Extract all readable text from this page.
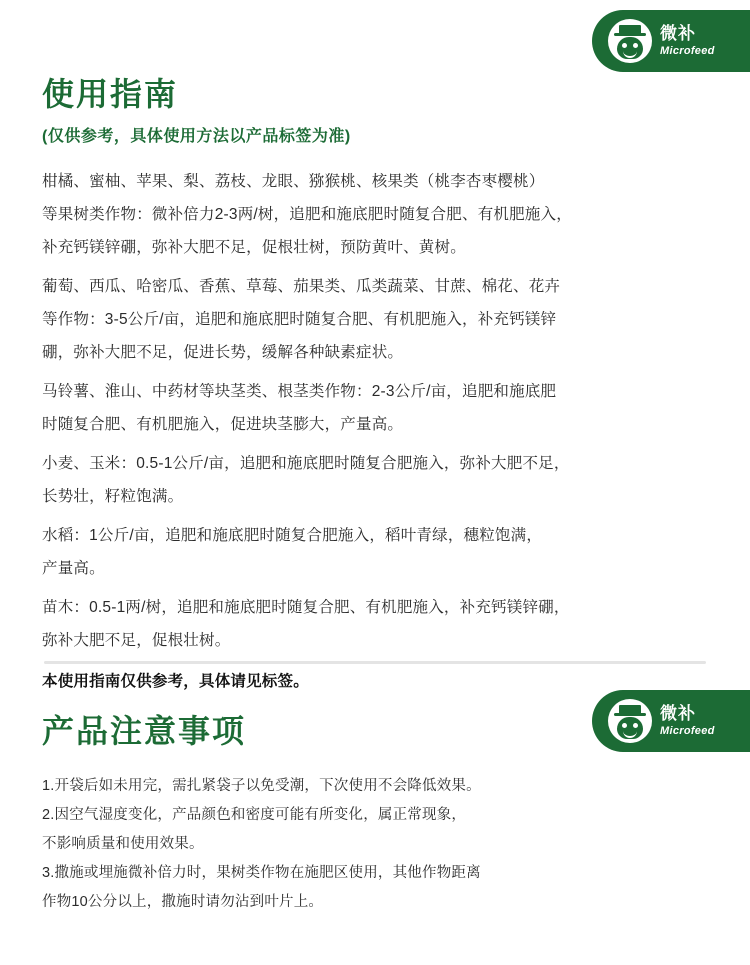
微补
Microfeed
使用指南
(仅供参考，具体使用方法以产品标签为准)

柑橘、蜜柚、苹果、梨、荔枝、龙眼、猕猴桃、核果类（桃李杏枣樱桃）

等果树类作物：微补倍力2-3两/树，追肥和施底肥时随复合肥、有机肥施入，

补充钙镁锌硼，弥补大肥不足，促根壮树，预防黄叶、黄树。

葡萄、西瓜、哈密瓜、香蕉、草莓、茄果类、瓜类蔬菜、甘蔗、棉花、花卉

等作物：3-5公斤/亩，追肥和施底肥时随复合肥、有机肥施入，补充钙镁锌

硼，弥补大肥不足，促进长势，缓解各种缺素症状。

马铃薯、淮山、中药材等块茎类、根茎类作物：2-3公斤/亩，追肥和施底肥

时随复合肥、有机肥施入，促进块茎膨大，产量高。

小麦、玉米：0.5-1公斤/亩，追肥和施底肥时随复合肥施入，弥补大肥不足，

长势壮，籽粒饱满。

水稻：1公斤/亩，追肥和施底肥时随复合肥施入，稻叶青绿，穗粒饱满，

产量高。

苗木：0.5-1两/树，追肥和施底肥时随复合肥、有机肥施入，补充钙镁锌硼，

弥补大肥不足，促根壮树。

本使用指南仅供参考，具体请见标签。

微补
Microfeed
产品注意事项

1.开袋后如未用完，需扎紧袋子以免受潮，下次使用不会降低效果。

2.因空气湿度变化，产品颜色和密度可能有所变化，属正常现象，

不影响质量和使用效果。

3.撒施或埋施微补倍力时，果树类作物在施肥区使用，其他作物距离

作物10公分以上，撒施时请勿沾到叶片上。
